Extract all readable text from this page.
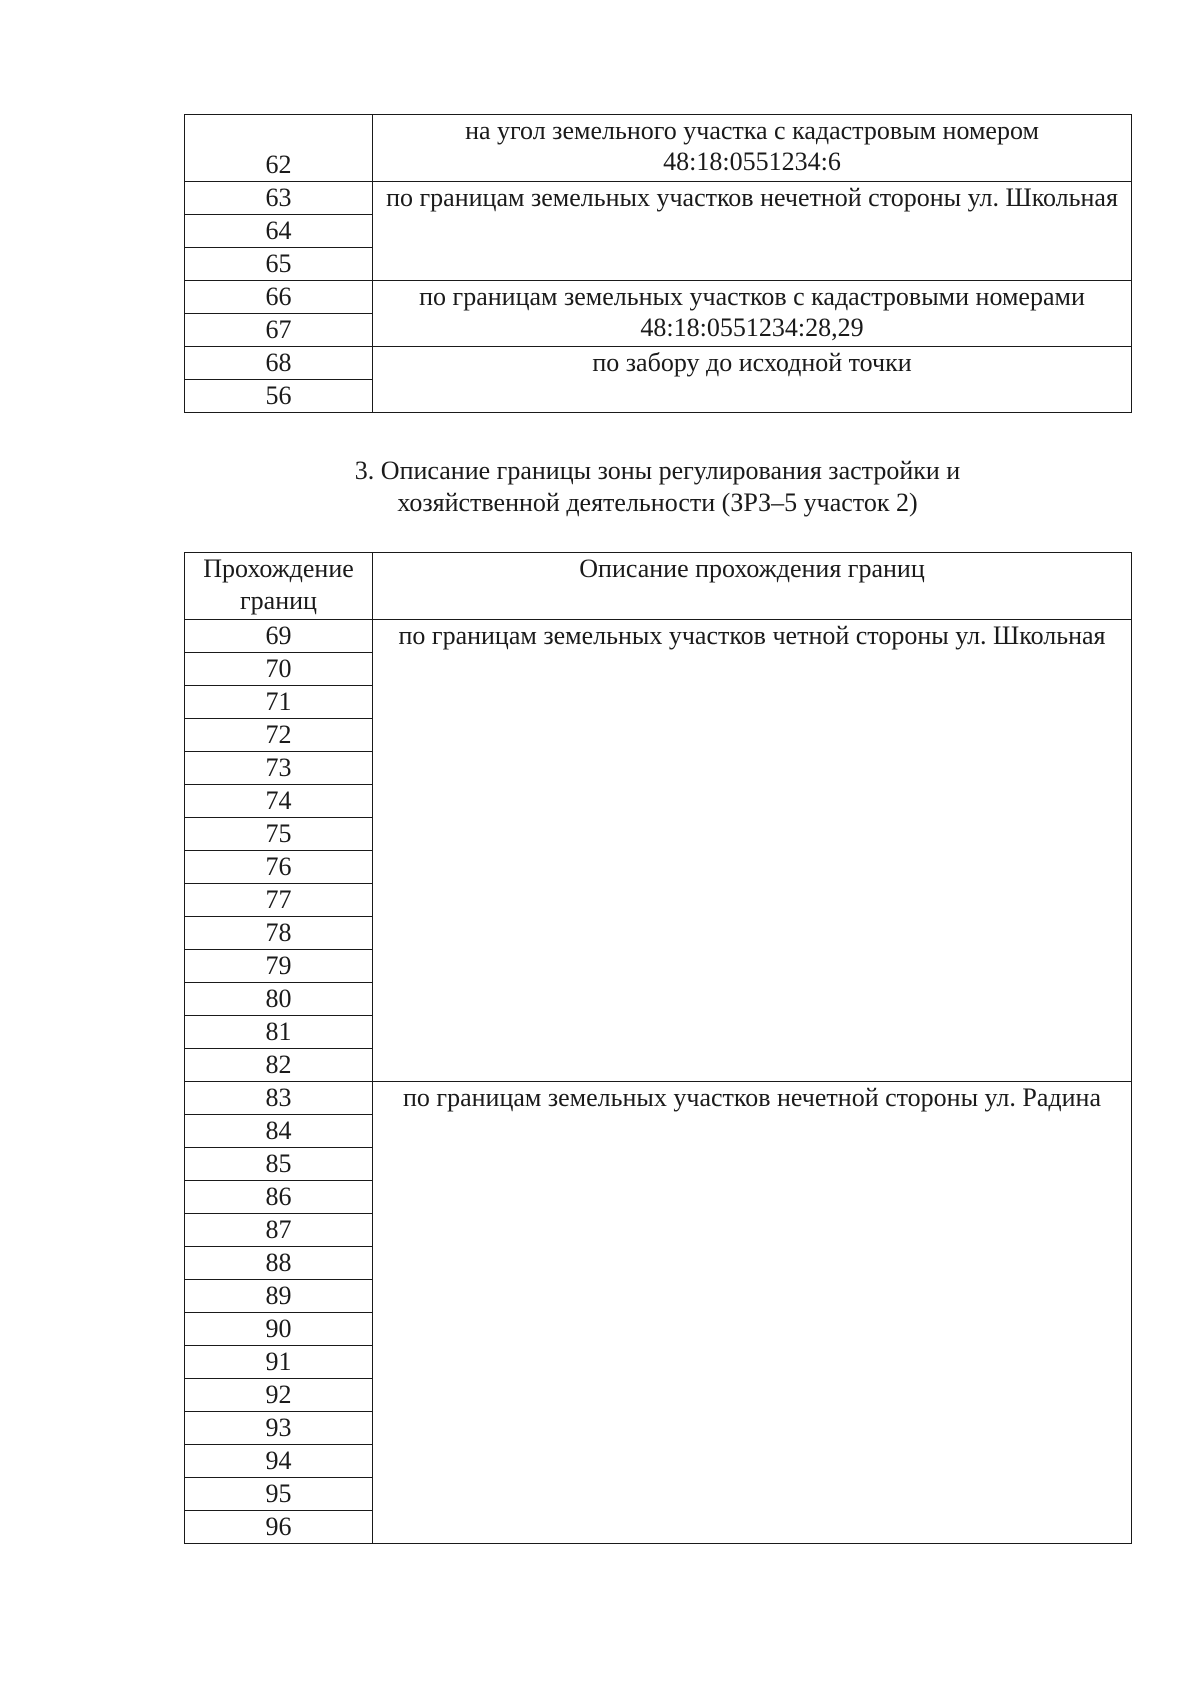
62	на угол земельного участка с кадастровым номером 48:18:0551234:6
63	по границам земельных участков нечетной стороны ул. Школьная
64	
65	
66	по границам земельных участков с кадастровыми номерами 48:18:0551234:28,29
67	
68	по забору до исходной точки
56	
3. Описание границы зоны регулирования застройки и
хозяйственной деятельности (ЗРЗ–5 участок 2)
Прохождение границ	Описание прохождения границ
69	по границам земельных участков четной стороны ул. Школьная
70	
71	
72	
73	
74	
75	
76	
77	
78	
79	
80	
81	
82	
83	по границам земельных участков нечетной стороны ул. Радина
84	
85	
86	
87	
88	
89	
90	
91	
92	
93	
94	
95	
96	
